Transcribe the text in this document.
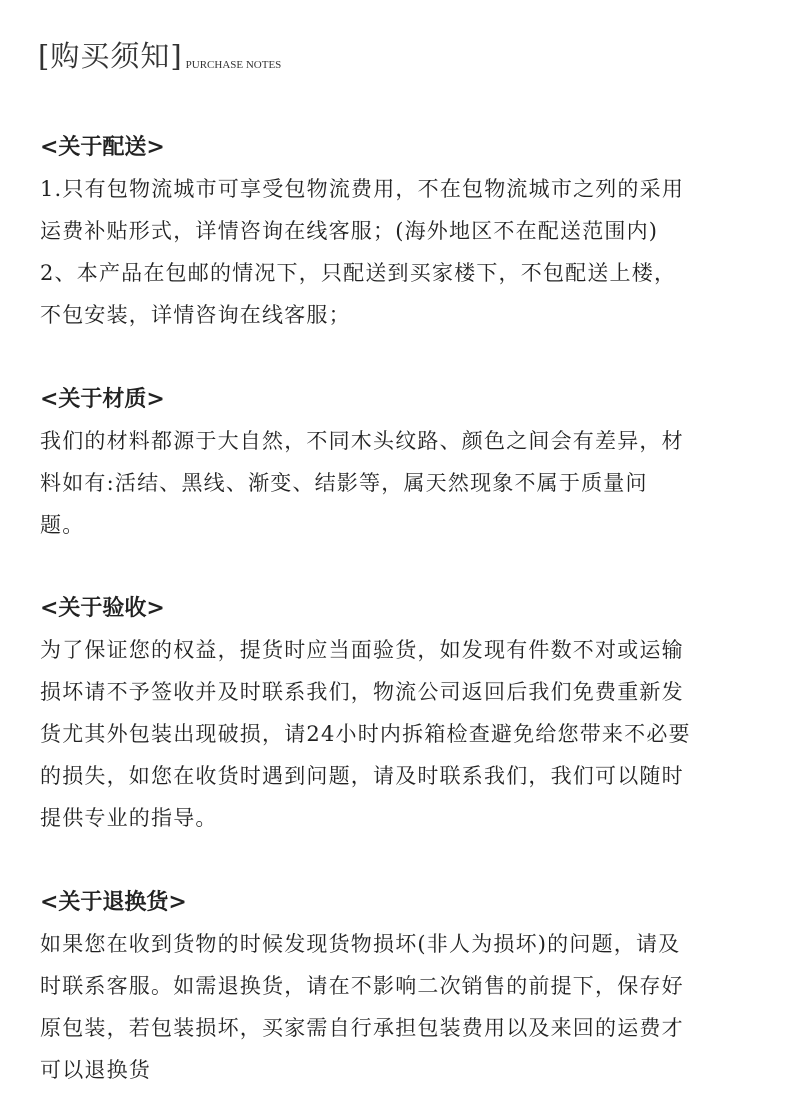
[购买须知] PURCHASE NOTES
<关于配送>
1.只有包物流城市可享受包物流费用，不在包物流城市之列的采用
运费补贴形式，详情咨询在线客服；(海外地区不在配送范围内)
2、本产品在包邮的情况下，只配送到买家楼下，不包配送上楼，
不包安装，详情咨询在线客服；
<关于材质>
我们的材料都源于大自然，不同木头纹路、颜色之间会有差异，材
料如有:活结、黑线、渐变、结影等，属天然现象不属于质量问
题。
<关于验收>
为了保证您的权益，提货时应当面验货，如发现有件数不对或运输
损坏请不予签收并及时联系我们，物流公司返回后我们免费重新发
货尤其外包装出现破损，请24小时内拆箱检查避免给您带来不必要
的损失，如您在收货时遇到问题，请及时联系我们，我们可以随时
提供专业的指导。
<关于退换货>
如果您在收到货物的时候发现货物损坏(非人为损坏)的问题，请及
时联系客服。如需退换货，请在不影响二次销售的前提下，保存好
原包装，若包装损坏，买家需自行承担包装费用以及来回的运费才
可以退换货
